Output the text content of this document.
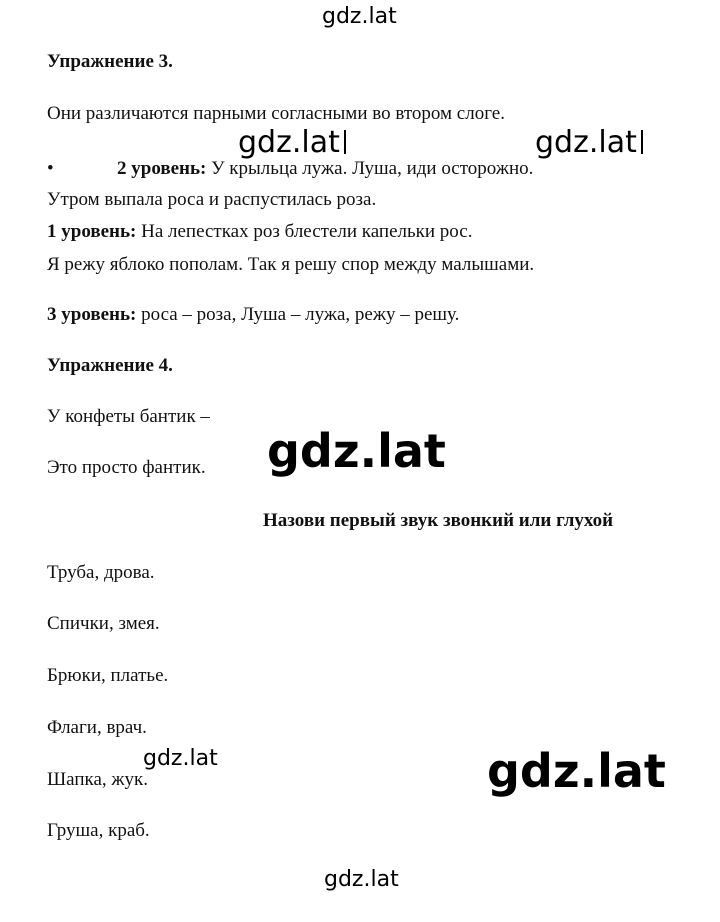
gdz.lat
gdz.lat	gdz.lat
gdz.lat
gdz.lat	gdz.lat
gdz.lat
Упражнение 3.
Они различаются парными согласными во втором слоге.
•	2 уровень: У крыльца лужа. Луша, иди осторожно.
Утром выпала роса и распустилась роза.
1 уровень: На лепестках роз блестели капельки рос.
Я режу яблоко пополам. Так я решу спор между малышами.
3 уровень: роса – роза, Луша – лужа, режу – решу.
Упражнение 4.
У конфеты бантик –
Это просто фантик.
Назови первый звук звонкий или глухой
Труба, дрова.
Спички, змея.
Брюки, платье.
Флаги, врач.
Шапка, жук.
Груша, краб.
